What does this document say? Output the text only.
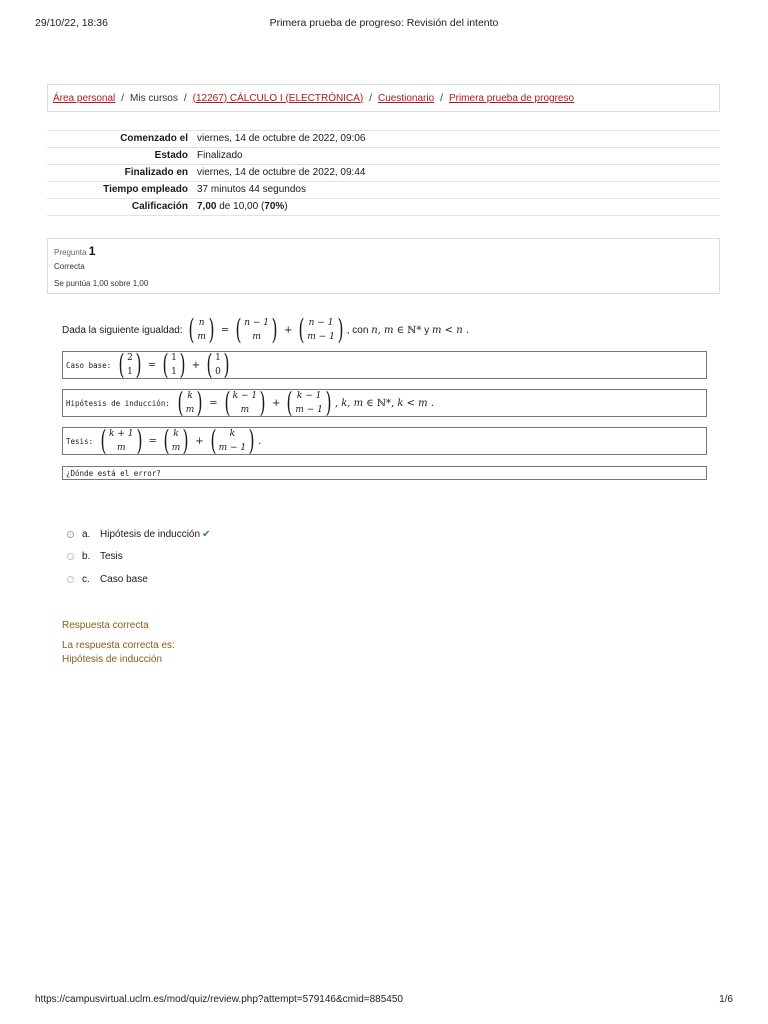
29/10/22, 18:36	Primera prueba de progreso: Revisión del intento
Área personal / Mis cursos / (12267) CÁLCULO I (ELECTRÓNICA) / Cuestionario / Primera prueba de progreso
Comenzado el	viernes, 14 de octubre de 2022, 09:06
Estado	Finalizado
Finalizado en	viernes, 14 de octubre de 2022, 09:44
Tiempo empleado	37 minutos 44 segundos
Calificación	7,00 de 10,00 (70%)
Pregunta 1
Correcta
Se puntúa 1,00 sobre 1,00
Dada la siguiente igualdad:
( n
m ) = ( n − 1
m ) + ( n − 1
m − 1 ) , con
n, m ∈ ℕ*
y
m < n .
Caso base: ( 2
1 ) = ( 1
1 ) + ( 1
0 )
Hipótesis de inducción: ( k
m ) = ( k − 1
m ) + ( k − 1
m − 1 ) , k, m ∈ ℕ*, k < m .
Tesis: ( k + 1
m ) = ( k
m ) + ( k
m − 1 ) .
¿Dónde está el error?
a. Hipótesis de inducción ✔
b. Tesis
c.	Caso base
Respuesta correcta
La respuesta correcta es:
Hipótesis de inducción
https://campusvirtual.uclm.es/mod/quiz/review.php?attempt=579146&cmid=885450	1/6
